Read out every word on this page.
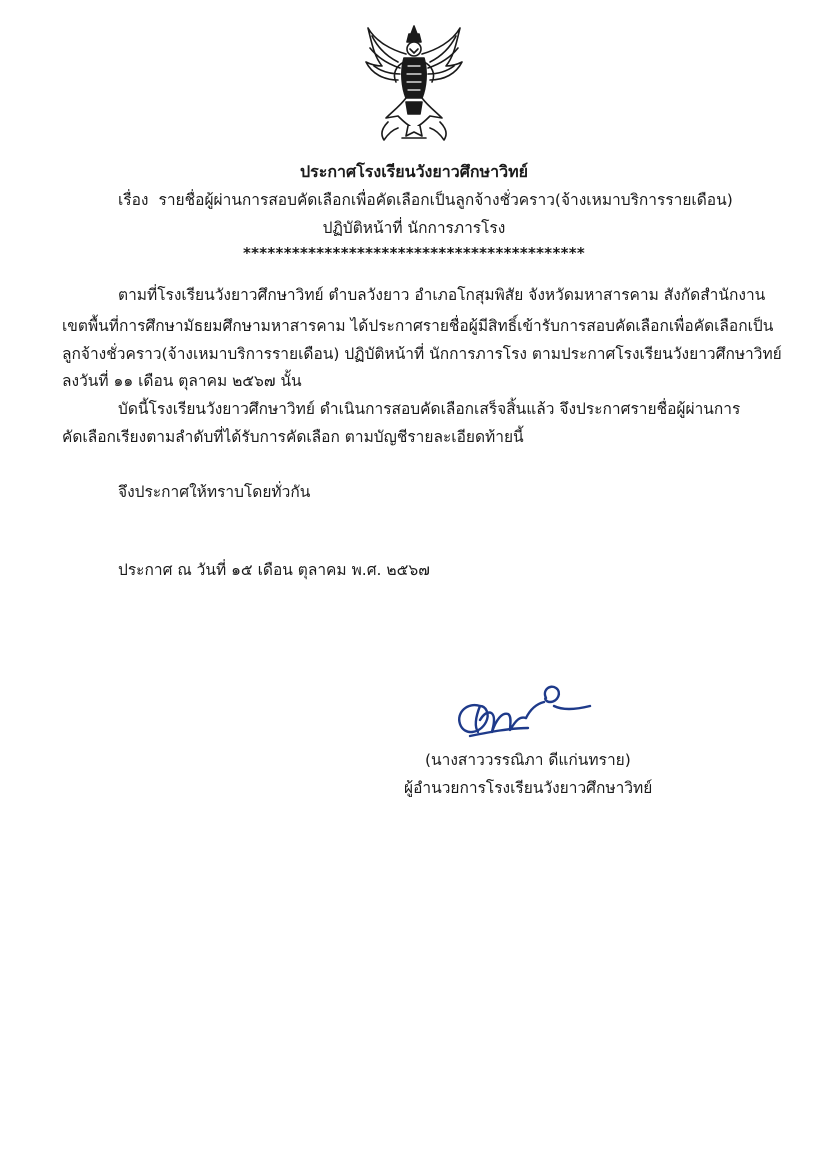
ประกาศโรงเรียนวังยาวศึกษาวิทย์
เรื่อง รายชื่อผู้ผ่านการสอบคัดเลือกเพื่อคัดเลือกเป็นลูกจ้างชั่วคราว(จ้างเหมาบริการรายเดือน)
ปฏิบัติหน้าที่ นักการภารโรง
******************************************
ตามที่โรงเรียนวังยาวศึกษาวิทย์ ตำบลวังยาว อำเภอโกสุมพิสัย จังหวัดมหาสารคาม สังกัดสำนักงาน
เขตพื้นที่การศึกษามัธยมศึกษามหาสารคาม ได้ประกาศรายชื่อผู้มีสิทธิ์เข้ารับการสอบคัดเลือกเพื่อคัดเลือกเป็น
ลูกจ้างชั่วคราว(จ้างเหมาบริการรายเดือน) ปฏิบัติหน้าที่ นักการภารโรง ตามประกาศโรงเรียนวังยาวศึกษาวิทย์
ลงวันที่ ๑๑ เดือน ตุลาคม ๒๕๖๗ นั้น
บัดนี้โรงเรียนวังยาวศึกษาวิทย์ ดำเนินการสอบคัดเลือกเสร็จสิ้นแล้ว จึงประกาศรายชื่อผู้ผ่านการ
คัดเลือกเรียงตามลำดับที่ได้รับการคัดเลือก ตามบัญชีรายละเอียดท้ายนี้
จึงประกาศให้ทราบโดยทั่วกัน
ประกาศ ณ วันที่ ๑๕ เดือน ตุลาคม พ.ศ. ๒๕๖๗
(นางสาววรรณิภา ดีแก่นทราย)
ผู้อำนวยการโรงเรียนวังยาวศึกษาวิทย์
